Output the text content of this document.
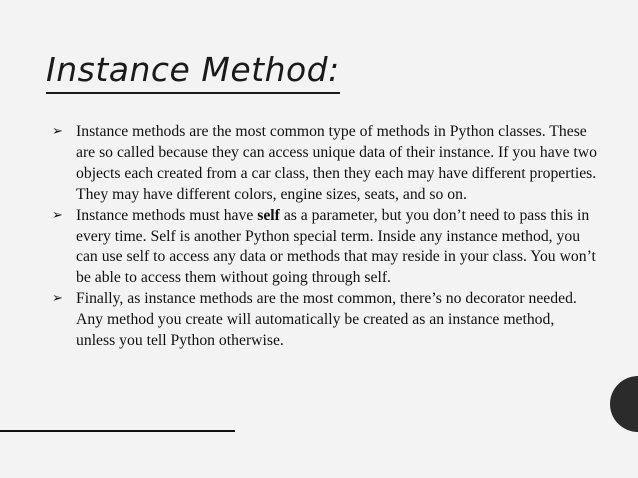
Instance Method:
➢ Instance methods are the most common type of methods in Python classes. These are so called because they can access unique data of their instance. If you have two objects each created from a car class, then they each may have different properties. They may have different colors, engine sizes, seats, and so on.
➢ Instance methods must have self as a parameter, but you don’t need to pass this in every time. Self is another Python special term. Inside any instance method, you can use self to access any data or methods that may reside in your class. You won’t be able to access them without going through self.
➢ Finally, as instance methods are the most common, there’s no decorator needed. Any method you create will automatically be created as an instance method, unless you tell Python otherwise.
